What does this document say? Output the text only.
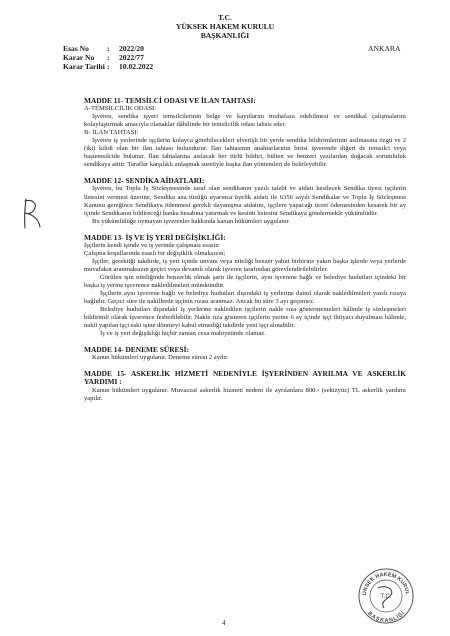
T.C.
YÜKSEK HAKEM KURULU
BAŞKANLIĞI
Esas No : 2022/20
Karar No : 2022/77
Karar Tarihi : 10.02.2022
ANKARA

MADDE 11- TEMSİLCİ ODASI VE İLAN TAHTASI:

A-TEMSİLCİLİK ODASI:

İşveren, sendika işyeri temsilcilerinin belge ve kayıtlarını muhafaza edebilmesi ve sendikal çalışmalarını kolaylaştırmak amacıyla olanaklar dâhilinde bir temsilcilik odası tahsis eder.

B- İLAN TAHTASI:

İşveren iş yerlerinde işçilerin kolayca görebilecekleri elverişli bir yerde sendika bildirimlerinin asılmasına özgü ve 2 (iki) kilidi olan bir ilan tahtası bulundurur. İlan tahtasının anahtarlarının birisi işverende diğeri de temsilci veya baştemsilcide bulunur. İlan tahtalarına asılacak her türlü bildiri, bülten ve benzeri yazılardan doğacak sorumluluk sendikaya aittir. Taraflar karşılıklı anlaşmak suretiyle başka ilan yöntemleri de belirleyebilir.

MADDE 12- SENDİKA AİDATLARI:

İşveren, bu Toplu İş Sözleşmesinde taraf olan sendikanın yazılı talebi ve aidatı kesilecek Sendika üyesi işçilerin listesini vermesi üzerine, Sendika ana tüzüğü uyarınca üyelik aidatı ile 6356 sayılı Sendikalar ve Toplu İş Sözleşmesi Kanunu gereğince Sendikaya ödenmesi gerekli dayanışma aidatını, işçilere yapacağı ücret ödemesinden kesarek bir ay içinde Sendikanın bildireceği banka hesabına yatırmak ve kesinti listesini Sendikaya göndermekle yükümlüdür.

Bu yükümlülüğe uymayan işverenler hakkında kanun hükümleri uygulanır.

MADDE 13- İŞ VE İŞ YERİ DEĞİŞİKLİĞİ:

İşçilerin kendi işinde ve iş yerinde çalışması esastır

Çalışma koşullarında esaslı bir değişiklik olmaksızın;

İşçiler, gerektiği takdirde, iş yeri içinde unvanı veya niteliği benzer yahut birbirine yakın başka işlerde veya yerlerde muvafakat aranmaksızın geçici veya devamlı olarak işveren tarafından görevlendirilebilirler.

Görülen işin niteliğinde benzerlik olmak şartı ile işçilerin, aynı işverene bağlı ve belediye hudutları içindeki bir başka iş yerine işverence nakledilmeleri mümkündür.

İşçilerin aynı işverene bağlı ve belediye hudutları dışındaki iş yerlerine daimî olarak nakledilmeleri yazılı rızaya bağlıdır. Geçici süre ile nakillerde işçinin rızası aranmaz. Ancak bu süre 3 ayı geçemez.

Belediye hudutları dışındaki iş yerlerine nakledilen işçilerin nakle rıza göstermemeleri hâlinde iş sözleşmeleri bildirimli olarak işverence feshedilebilir. Nakle rıza gösteren işçilerin yerine 6 ay içinde işçi ihtiyacı duyulması hâlinde, nakli yapılan işçi eski işine dönmeyi kabul etmediği takdirde yeni işçi alınabilir.

İş ve iş yeri değişikliği hiçbir zaman ceza mahiyetinde olamaz.

MADDE 14- DENEME SÜRESİ:

Kanun hükümleri uygulanır. Deneme süresi 2 aydır.

MADDE 15- ASKERLİK HİZMETİ NEDENİYLE İŞYERİNDEN AYRILMA VE ASKERLİK YARDIMI :

Kanun hükümleri uygulanır. Muvazzaf askerlik hizmeti nedeni ile ayrılanlara 800.- (sekizyüz) TL askerlik yardımı yapılır.

ÜKSEK HAKEM KURUL
BAŞKANLIĞI
T.C.
4
